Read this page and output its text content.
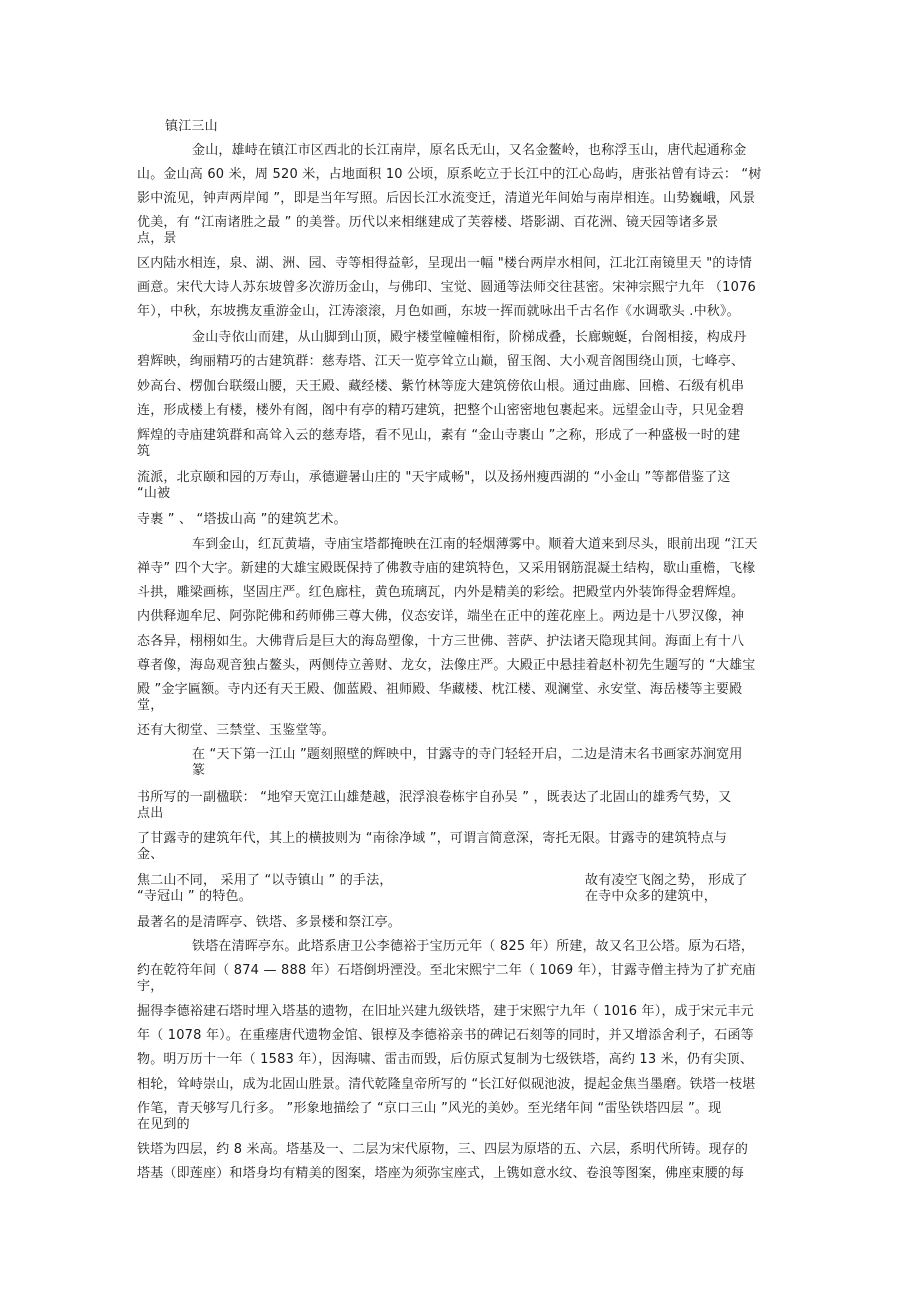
镇江三山
金山，雄峙在镇江市区西北的长江南岸，原名氐无山，又名金鳌岭，也称浮玉山，唐代起通称金
山。金山高 60 米，周 520 米，占地面积 10 公顷，原系屹立于长江中的江心岛屿，唐张祜曾有诗云： “树
影中流见，钟声两岸闻 ”，即是当年写照。后因长江水流变迁，清道光年间始与南岸相连。山势巍峨，风景
优美，有 “江南诸胜之最 ” 的美誉。历代以来相继建成了芙蓉楼、塔影湖、百花洲、镜天园等诸多景
点，景
区内陆水相连，泉、湖、洲、园、寺等相得益彰，呈现出一幅 "楼台两岸水相间，江北江南镜里天 "的诗情
画意。宋代大诗人苏东坡曾多次游历金山，与佛印、宝觉、圆通等法师交往甚密。宋神宗熙宁九年 （1076
年），中秋，东坡携友重游金山，江涛滚滚，月色如画，东坡一挥而就咏出千古名作《水调歌头 .中秋》。
金山寺依山而建，从山脚到山顶，殿宇楼堂幢幢相衔，阶梯成叠，长廊蜿蜒，台阁相接，构成丹
碧辉映，绚丽精巧的古建筑群：慈寿塔、江天一览亭耸立山巅，留玉阁、大小观音阁围绕山顶，七峰亭、
妙高台、楞伽台联缀山腰，天王殿、藏经楼、紫竹林等庞大建筑傍依山根。通过曲廊、回檐、石级有机串
连，形成楼上有楼，楼外有阁，阁中有亭的精巧建筑，把整个山密密地包裹起来。远望金山寺，只见金碧
辉煌的寺庙建筑群和高耸入云的慈寿塔，看不见山，素有 “金山寺裹山 ”之称，形成了一种盛极一时的建
筑
流派，北京颐和园的万寿山，承德避暑山庄的 "天宇咸畅"，以及扬州瘦西湖的 “小金山 ”等都借鉴了这
“山被
寺裹 ” 、 “塔拔山高 ”的建筑艺术。
车到金山，红瓦黄墙，寺庙宝塔都掩映在江南的轻烟薄雾中。顺着大道来到尽头，眼前出现 “江天
禅寺” 四个大字。新建的大雄宝殿既保持了佛教寺庙的建筑特色，又采用钢筋混凝土结构，歇山重檐，飞椽
斗拱，雕梁画栋，坚固庄严。红色廊柱，黄色琉璃瓦，内外是精美的彩绘。把殿堂内外装饰得金碧辉煌。
内供释迦牟尼、阿弥陀佛和药师佛三尊大佛，仪态安详，端坐在正中的莲花座上。两边是十八罗汉像，神
态各异，栩栩如生。大佛背后是巨大的海岛塑像，十方三世佛、菩萨、护法诸天隐现其间。海面上有十八
尊者像，海岛观音独占鳌头，两侧侍立善财、龙女，法像庄严。大殿正中悬挂着赵朴初先生题写的 “大雄宝
殿 ”金字匾额。寺内还有天王殿、伽蓝殿、祖师殿、华藏楼、枕江楼、观澜堂、永安堂、海岳楼等主要殿
堂，
还有大彻堂、三禁堂、玉鉴堂等。
在 “天下第一江山 ”题刻照壁的辉映中，甘露寺的寺门轻轻开启，二边是清末名书画家苏涧宽用
篆
书所写的一副楹联： “地窄天宽江山雄楚越，泯浮浪卷栋宇自孙吴 ” ，既表达了北固山的雄秀气势，又
点出
了甘露寺的建筑年代，其上的横披则为 “南徐净域 ”，可谓言简意深，寄托无限。甘露寺的建筑特点与
金、
焦二山不同， 采用了 “以寺镇山 ” 的手法，	故有凌空飞阁之势， 形成了
“寺冠山 ” 的特色。	在寺中众多的建筑中，
最著名的是清晖亭、铁塔、多景楼和祭江亭。
铁塔在清晖亭东。此塔系唐卫公李德裕于宝历元年（ 825 年）所建，故又名卫公塔。原为石塔，
约在乾符年间（ 874 — 888 年）石塔倒坍湮没。至北宋熙宁二年（ 1069 年），甘露寺僧主持为了扩充庙
宇，
掘得李德裕建石塔时埋入塔基的遗物，在旧址兴建九级铁塔，建于宋熙宁九年（ 1016 年），成于宋元丰元
年（ 1078 年）。在重瘗唐代遗物金馆、银椁及李德裕亲书的碑记石刻等的同时，并又增添舍利子，石函等
物。明万历十一年（ 1583 年），因海啸、雷击而毁，后仿原式复制为七级铁塔，高约 13 米，仍有尖顶、
相轮，耸峙崇山，成为北固山胜景。清代乾隆皇帝所写的 “长江好似砚池波，提起金焦当墨磨。铁塔一枝堪
作笔，青天够写几行多。 ”形象地描绘了 “京口三山 ”风光的美妙。至光绪年间 “雷坠铁塔四层 ”。现
在见到的
铁塔为四层，约 8 米高。塔基及一、二层为宋代原物，三、四层为原塔的五、六层，系明代所铸。现存的
塔基（即莲座）和塔身均有精美的图案，塔座为须弥宝座式，上镌如意水纹、卷浪等图案，佛座束腰的每
